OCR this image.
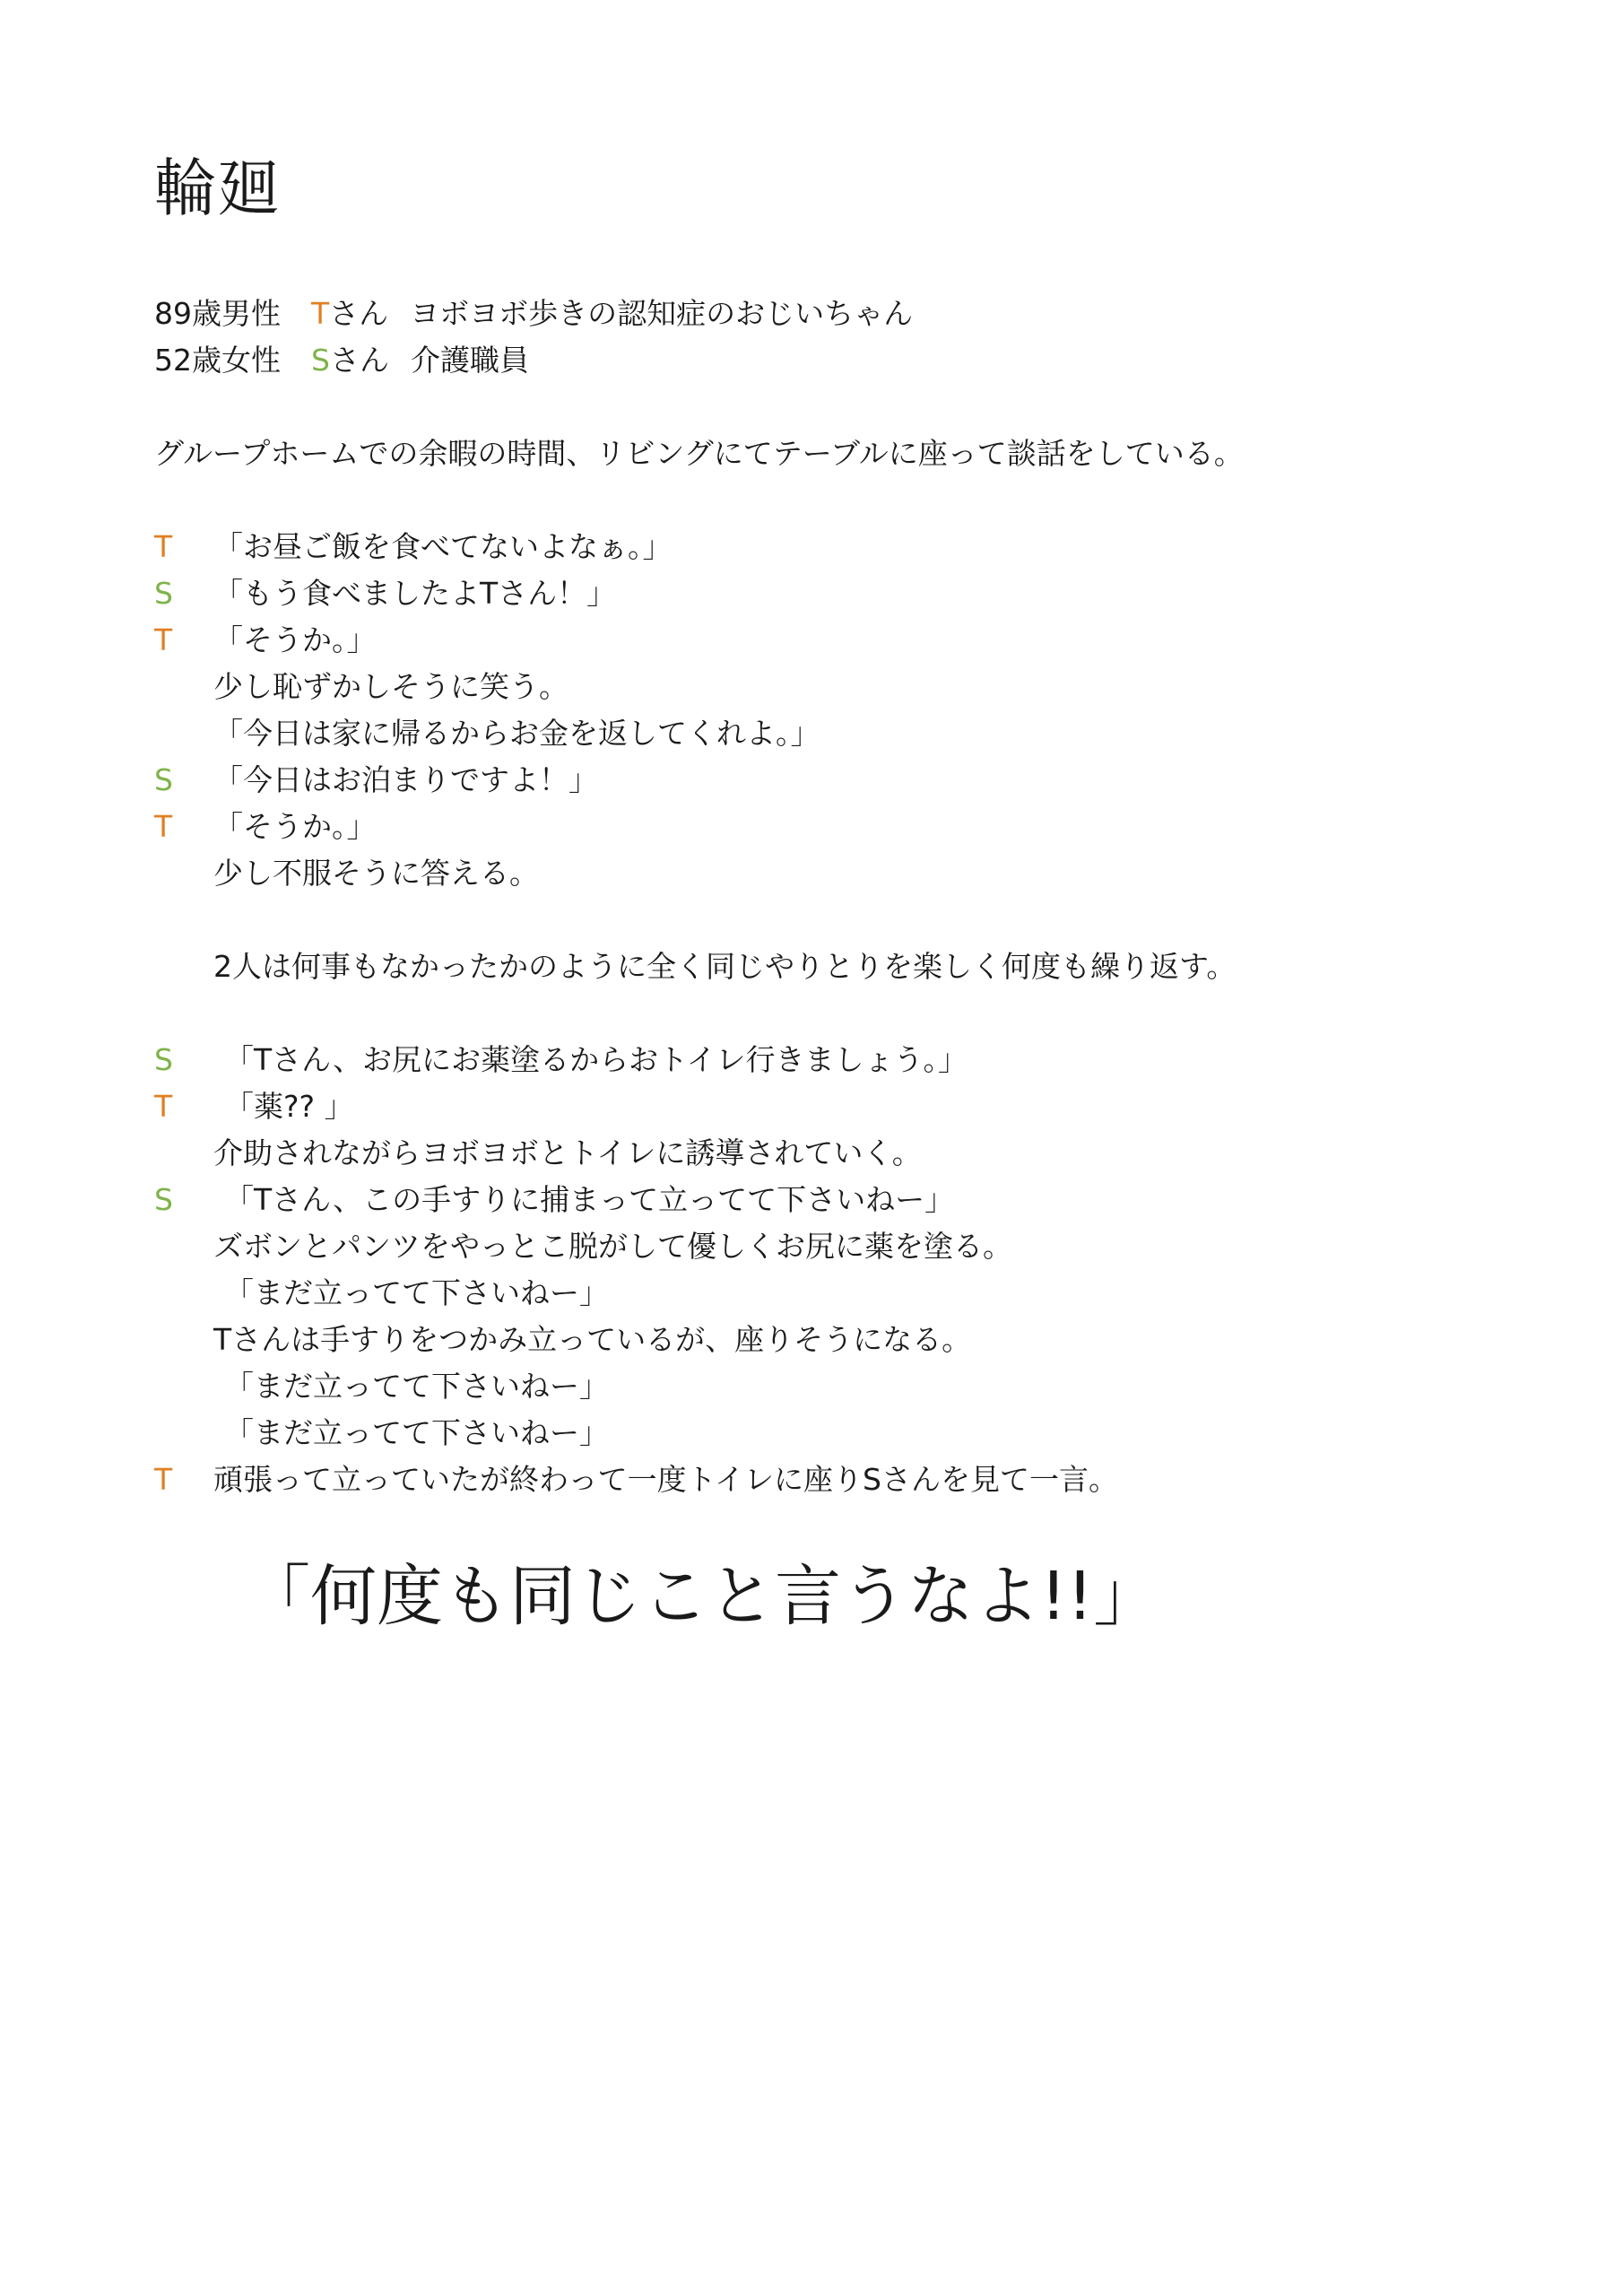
輪廻
89歳男性 Tさん ヨボヨボ歩きの認知症のおじいちゃん
52歳女性 Sさん 介護職員
グループホームでの余暇の時間、リビングにてテーブルに座って談話をしている。
T	「お昼ご飯を食べてないよなぁ。」
S	「もう食べましたよTさん！」
T	「そうか。」
少し恥ずかしそうに笑う。
「今日は家に帰るからお金を返してくれよ。」
S	「今日はお泊まりですよ！」
T	「そうか。」
少し不服そうに答える。
2人は何事もなかったかのように全く同じやりとりを楽しく何度も繰り返す。
S	「Tさん、お尻にお薬塗るからおトイレ行きましょう。」
T	「薬?? 」
介助されながらヨボヨボとトイレに誘導されていく。
S	「Tさん、この手すりに捕まって立ってて下さいねー」
ズボンとパンツをやっとこ脱がして優しくお尻に薬を塗る。
「まだ立ってて下さいねー」
Tさんは手すりをつかみ立っているが、座りそうになる。
「まだ立ってて下さいねー」
「まだ立ってて下さいねー」
T	頑張って立っていたが終わって一度トイレに座りSさんを見て一言。
「何度も同じこと言うなよ!!」
